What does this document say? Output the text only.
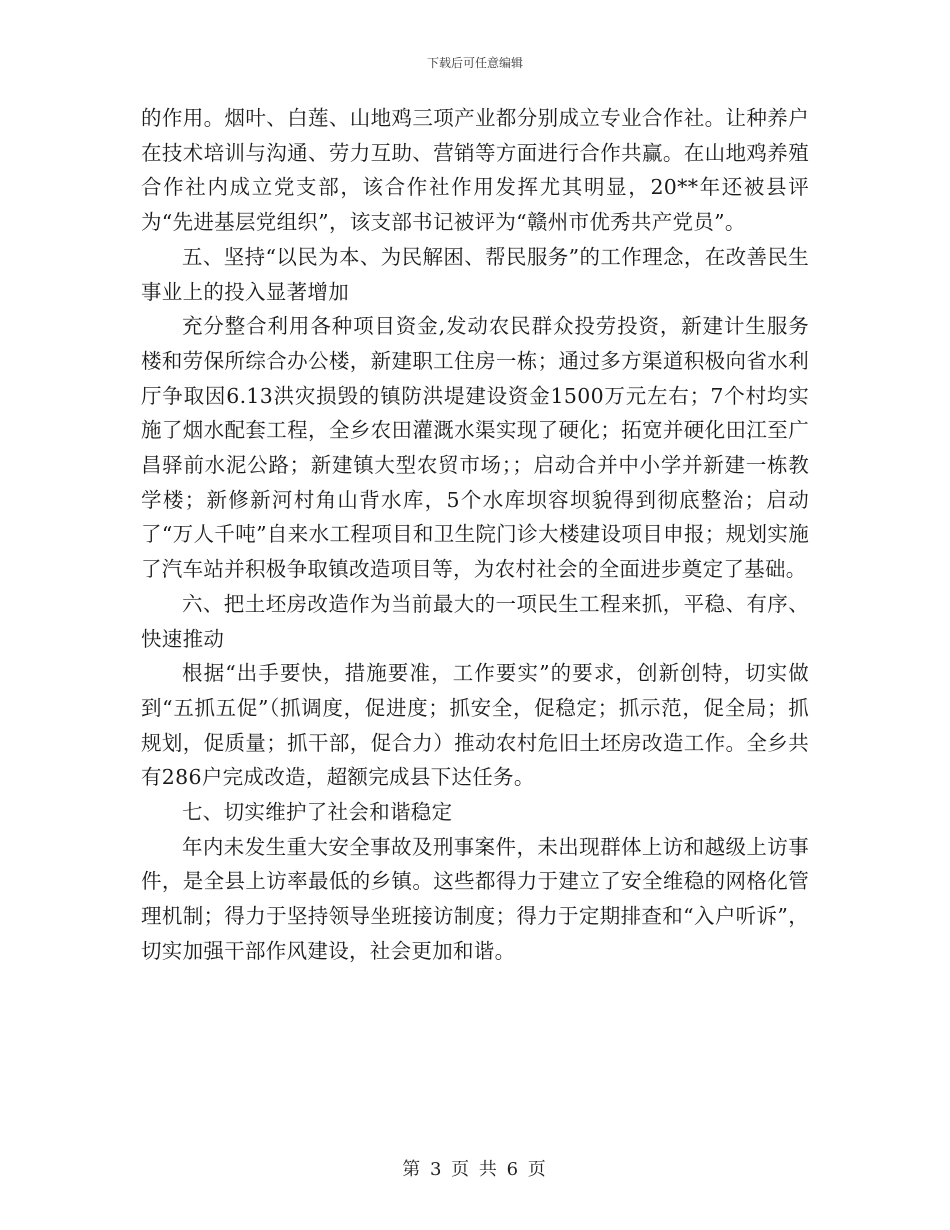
下载后可任意编辑

的作用。烟叶、白莲、山地鸡三项产业都分别成立专业合作社。让种养户在技术培训与沟通、劳力互助、营销等方面进行合作共赢。在山地鸡养殖合作社内成立党支部，该合作社作用发挥尤其明显，20**年还被县评为“先进基层党组织”，该支部书记被评为“赣州市优秀共产党员”。

五、坚持“以民为本、为民解困、帮民服务”的工作理念，在改善民生事业上的投入显著增加

充分整合利用各种项目资金,发动农民群众投劳投资，新建计生服务楼和劳保所综合办公楼，新建职工住房一栋；通过多方渠道积极向省水利厅争取因6.13洪灾损毁的镇防洪堤建设资金1500万元左右；7个村均实施了烟水配套工程，全乡农田灌溉水渠实现了硬化；拓宽并硬化田江至广昌驿前水泥公路；新建镇大型农贸市场；；启动合并中小学并新建一栋教学楼；新修新河村角山背水库，5个水库坝容坝貌得到彻底整治；启动了“万人千吨”自来水工程项目和卫生院门诊大楼建设项目申报；规划实施了汽车站并积极争取镇改造项目等，为农村社会的全面进步奠定了基础。

六、把土坯房改造作为当前最大的一项民生工程来抓，平稳、有序、快速推动

根据“出手要快，措施要准，工作要实”的要求，创新创特，切实做到“五抓五促”（抓调度，促进度；抓安全，促稳定；抓示范，促全局；抓规划，促质量；抓干部，促合力）推动农村危旧土坯房改造工作。全乡共有286户完成改造，超额完成县下达任务。

七、切实维护了社会和谐稳定

年内未发生重大安全事故及刑事案件，未出现群体上访和越级上访事件，是全县上访率最低的乡镇。这些都得力于建立了安全维稳的网格化管理机制；得力于坚持领导坐班接访制度；得力于定期排查和“入户听诉”，切实加强干部作风建设，社会更加和谐。

第 3 页 共 6 页
